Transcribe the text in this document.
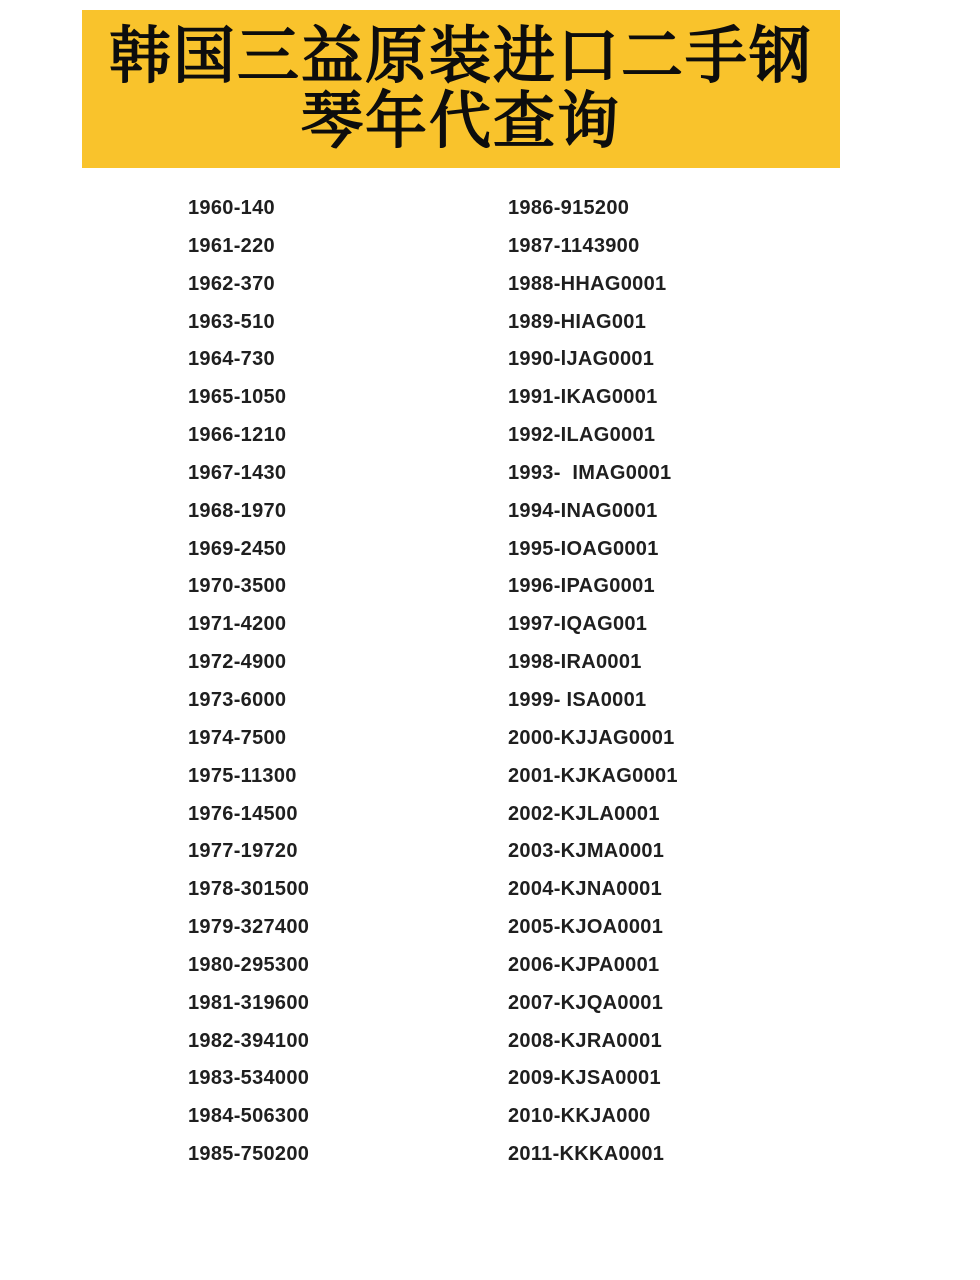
韩国三益原装进口二手钢
琴年代查询
1960-140
1961-220
1962-370
1963-510
1964-730
1965-1050
1966-1210
1967-1430
1968-1970
1969-2450
1970-3500
1971-4200
1972-4900
1973-6000
1974-7500
1975-11300
1976-14500
1977-19720
1978-301500
1979-327400
1980-295300
1981-319600
1982-394100
1983-534000
1984-506300
1985-750200
1986-915200
1987-1143900
1988-HHAG0001
1989-HIAG001
1990-lJAG0001
1991-IKAG0001
1992-ILAG0001
1993-  IMAG0001
1994-INAG0001
1995-IOAG0001
1996-IPAG0001
1997-IQAG001
1998-IRA0001
1999- ISA0001
2000-KJJAG0001
2001-KJKAG0001
2002-KJLA0001
2003-KJMA0001
2004-KJNA0001
2005-KJOA0001
2006-KJPA0001
2007-KJQA0001
2008-KJRA0001
2009-KJSA0001
2010-KKJA000
2011-KKKA0001
